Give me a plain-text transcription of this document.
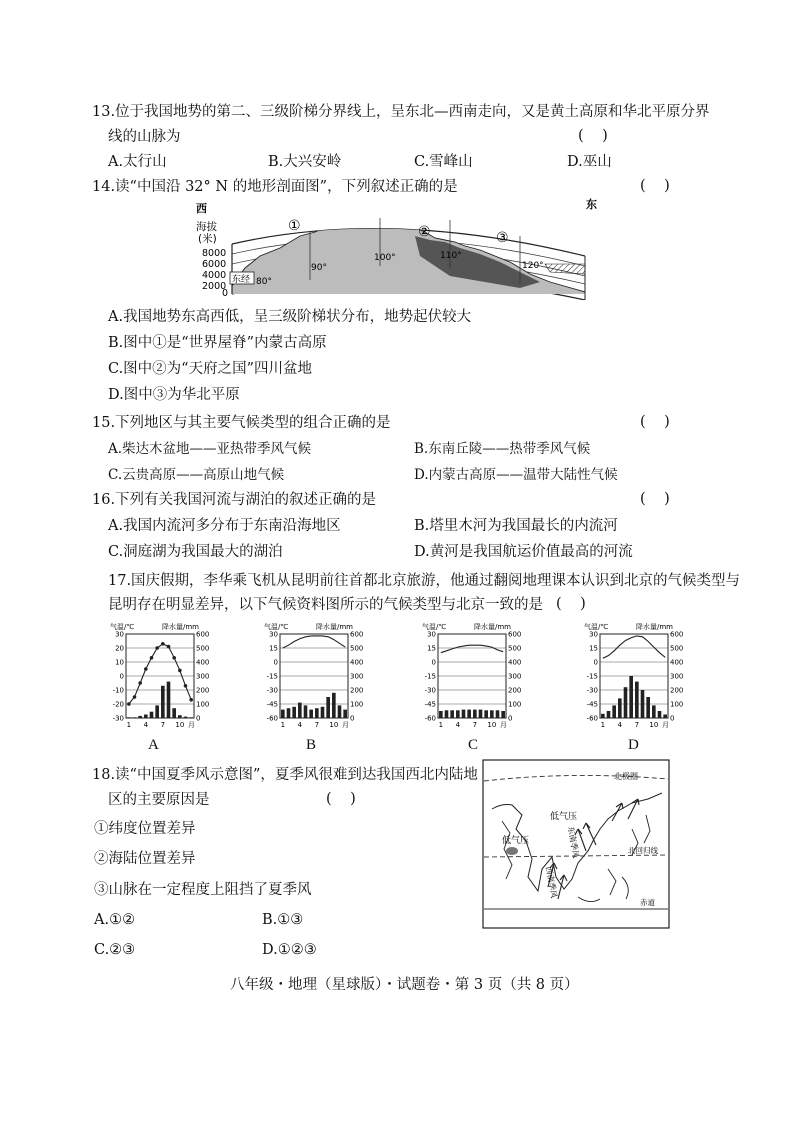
13.位于我国地势的第二、三级阶梯分界线上，呈东北—西南走向，又是黄土高原和华北平原分界
线的山脉为	(    )
A.太行山	B.大兴安岭	C.雪峰山	D.巫山
14.读“中国沿 32° N 的地形剖面图”，下列叙述正确的是	(    )
西	东
海拔
(米)
8000
6000
4000
2000
0
东经 80°
90°
100°	110°
120°
①	②	③
A.我国地势东高西低，呈三级阶梯状分布，地势起伏较大
B.图中①是“世界屋脊”内蒙古高原
C.图中②为“天府之国”四川盆地
D.图中③为华北平原
15.下列地区与其主要气候类型的组合正确的是	(    )
A.柴达木盆地——亚热带季风气候	B.东南丘陵——热带季风气候
C.云贵高原——高原山地气候	D.内蒙古高原——温带大陆性气候
16.下列有关我国河流与湖泊的叙述正确的是	(    )
A.我国内流河多分布于东南沿海地区	B.塔里木河为我国最长的内流河
C.洞庭湖为我国最大的湖泊	D.黄河是我国航运价值最高的河流
17.国庆假期，李华乘飞机从昆明前往首都北京旅游，他通过翻阅地理课本认识到北京的气候类型与
昆明存在明显差异，以下气候资料图所示的气候类型与北京一致的是 (    )
气温/℃	降水量/mm
30	600
20	500
10	400
0	300
-10	200
-20	100
-30	0
1 4 7 10 月
气温/℃	降水量/mm
30	600
15	500
0	400
-15	300
-30	200
-45	100
-60	0
1 4 7 10 月
气温/℃	降水量/mm
30	600
15	500
0	400
-15	300
-30	200
-45	100
-60	0
1 4 7 10 月
气温/℃	降水量/mm
30	600
15	500
0	400
-15	300
-30	200
-45	100
-60	0
1 4 7 10 月
A	B	C	D
18.读“中国夏季风示意图”，夏季风很难到达我国西北内陆地
区的主要原因是	(    )
①纬度位置差异
②海陆位置差异
③山脉在一定程度上阻挡了夏季风
A.①②	B.①③
C.②③	D.①②③
北极圈
北回归线
赤道
低气压
低气压	东南季风
西南季风
八年级・地理（星球版）・试题卷・第 3 页（共 8 页）
